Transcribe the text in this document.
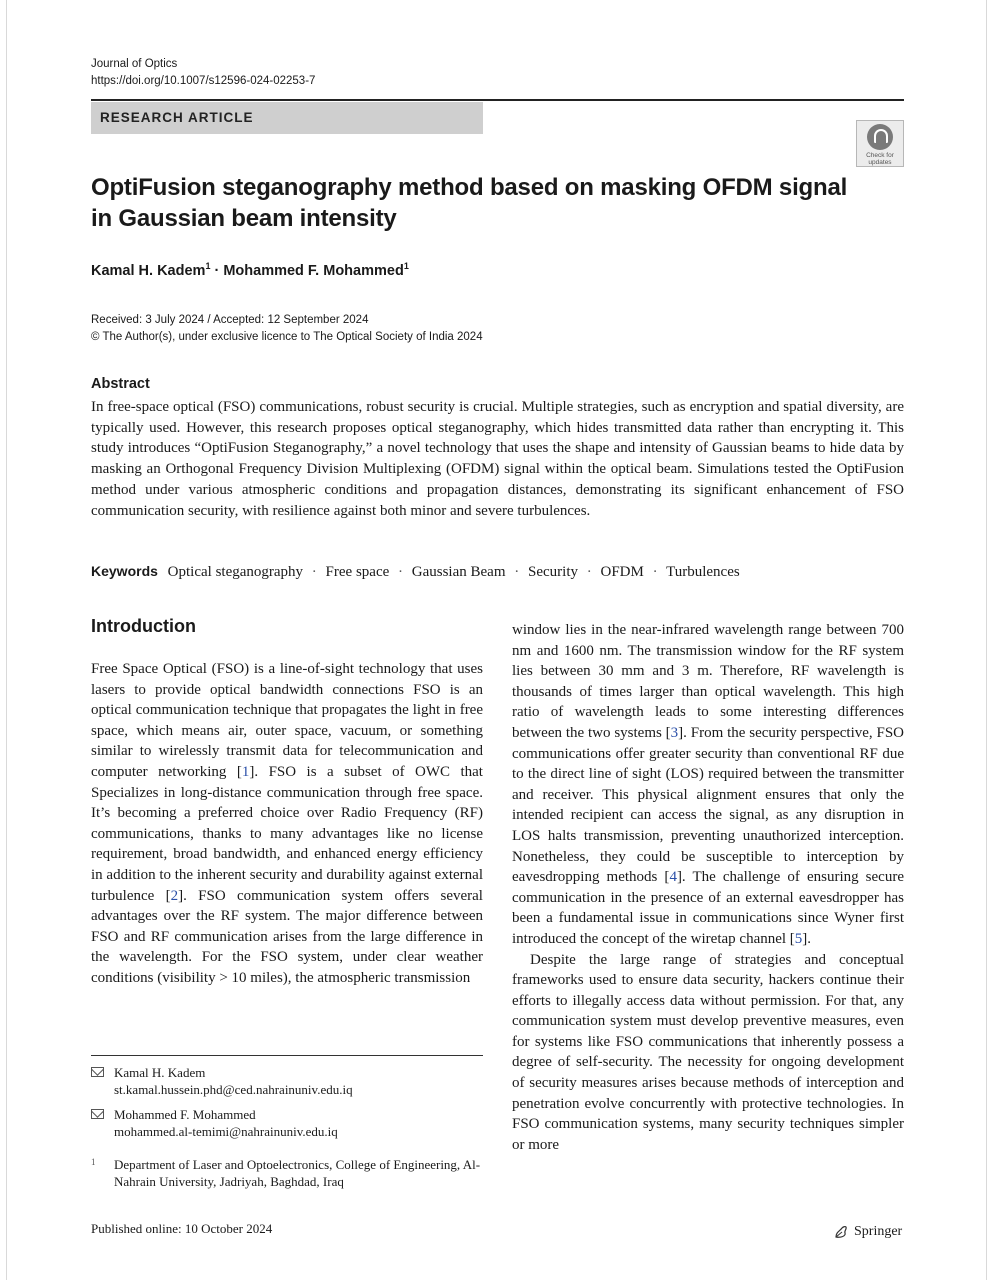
Journal of Optics
https://doi.org/10.1007/s12596-024-02253-7
RESEARCH ARTICLE
Check for updates
OptiFusion steganography method based on masking OFDM signal in Gaussian beam intensity
Kamal H. Kadem$^1$ · Mohammed F. Mohammed$^1$
Received: 3 July 2024 / Accepted: 12 September 2024
© The Author(s), under exclusive licence to The Optical Society of India 2024
Abstract

In free-space optical (FSO) communications, robust security is crucial. Multiple strategies, such as encryption and spatial diversity, are typically used. However, this research proposes optical steganography, which hides transmitted data rather than encrypting it. This study introduces “OptiFusion Steganography,” a novel technology that uses the shape and intensity of Gaussian beams to hide data by masking an Orthogonal Frequency Division Multiplexing (OFDM) signal within the optical beam. Simulations tested the OptiFusion method under various atmospheric conditions and propagation distances, demonstrating its significant enhancement of FSO communication security, with resilience against both minor and severe turbulences.

Keywords Optical steganography · Free space · Gaussian Beam · Security · OFDM · Turbulences
Introduction

Free Space Optical (FSO) is a line-of-sight technology that uses lasers to provide optical bandwidth connections FSO is an optical communication technique that propagates the light in free space, which means air, outer space, vacuum, or something similar to wirelessly transmit data for telecommunication and computer networking [1]. FSO is a subset of OWC that Specializes in long-distance communication through free space. It’s becoming a preferred choice over Radio Frequency (RF) communications, thanks to many advantages like no license requirement, broad bandwidth, and enhanced energy efficiency in addition to the inherent security and durability against external turbulence [2]. FSO communication system offers several advantages over the RF system. The major difference between FSO and RF communication arises from the large difference in the wavelength. For the FSO system, under clear weather conditions (visibility > 10 miles), the atmospheric transmission

window lies in the near-infrared wavelength range between 700 nm and 1600 nm. The transmission window for the RF system lies between 30 mm and 3 m. Therefore, RF wavelength is thousands of times larger than optical wavelength. This high ratio of wavelength leads to some interesting differences between the two systems [3]. From the security perspective, FSO communications offer greater security than conventional RF due to the direct line of sight (LOS) required between the transmitter and receiver. This physical alignment ensures that only the intended recipient can access the signal, as any disruption in LOS halts transmission, preventing unauthorized interception. Nonetheless, they could be susceptible to interception by eavesdropping methods [4]. The challenge of ensuring secure communication in the presence of an external eavesdropper has been a fundamental issue in communications since Wyner first introduced the concept of the wiretap channel [5].

Despite the large range of strategies and conceptual frameworks used to ensure data security, hackers continue their efforts to illegally access data without permission. For that, any communication system must develop preventive measures, even for systems like FSO communications that inherently possess a degree of self-security. The necessity for ongoing development of security measures arises because methods of interception and penetration evolve concurrently with protective technologies. In FSO communication systems, many security techniques simpler or more

Kamal H. Kadem
st.kamal.hussein.phd@ced.nahrainuniv.edu.iq
Mohammed F. Mohammed
mohammed.al-temimi@nahrainuniv.edu.iq
1	Department of Laser and Optoelectronics, College of Engineering, Al-Nahrain University, Jadriyah, Baghdad, Iraq
Published online: 10 October 2024	Springer
